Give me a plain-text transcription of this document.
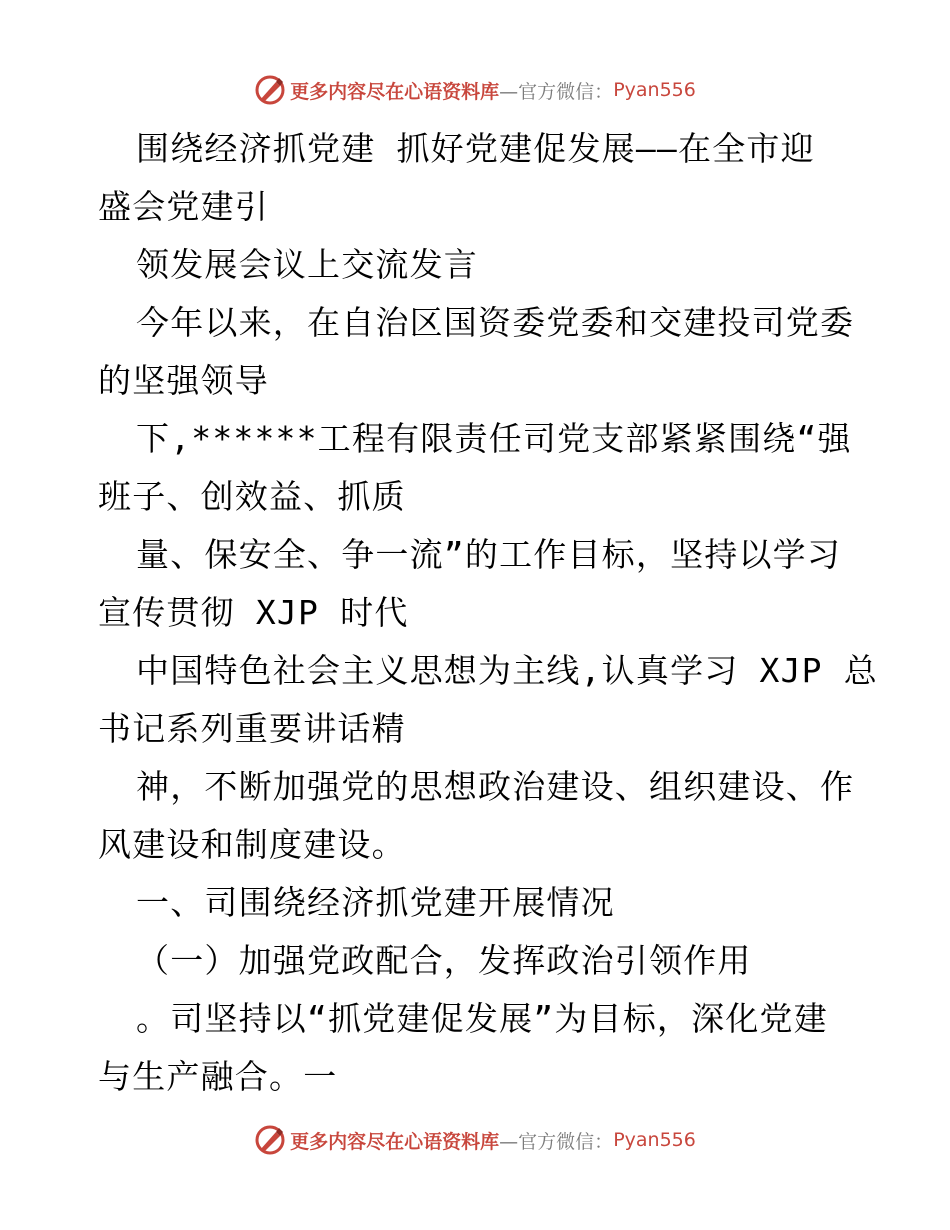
更多内容尽在心语资料库 —官方微信： Pyan556
围绕经济抓党建 抓好党建促发展——在全市迎
盛会党建引
领发展会议上交流发言
今年以来，在自治区国资委党委和交建投司党委
的坚强领导
下,******工程有限责任司党支部紧紧围绕“强
班子、创效益、抓质
量、保安全、争一流”的工作目标，坚持以学习
宣传贯彻 XJP 时代
中国特色社会主义思想为主线,认真学习 XJP 总
书记系列重要讲话精
神，不断加强党的思想政治建设、组织建设、作
风建设和制度建设。
一、司围绕经济抓党建开展情况
（一）加强党政配合，发挥政治引领作用
。司坚持以“抓党建促发展”为目标，深化党建
与生产融合。一
更多内容尽在心语资料库 —官方微信： Pyan556
